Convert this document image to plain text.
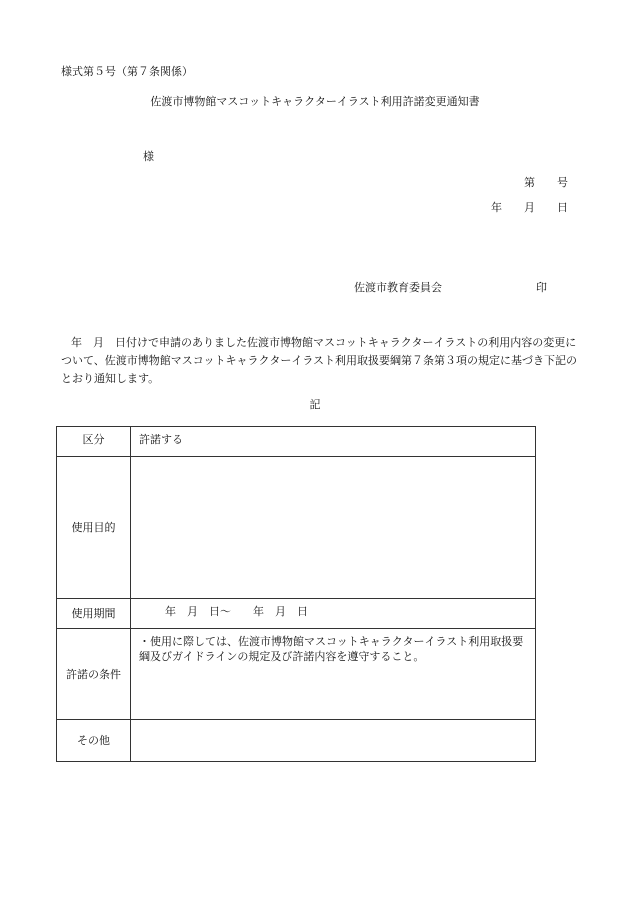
様式第５号（第７条関係）
佐渡市博物館マスコットキャラクターイラスト利用許諾変更通知書
様
第　　号
年　　月　　日
佐渡市教育委員会	印
年　月　日付けで申請のありました佐渡市博物館マスコットキャラクターイラストの利用内容の変更に
ついて、佐渡市博物館マスコットキャラクターイラスト利用取扱要綱第７条第３項の規定に基づき下記の
とおり通知します。
記
区分	許諾する

使用目的	

使用期間	年　月　日～　　年　月　日

許諾の条件	・使用に際しては、佐渡市博物館マスコットキャラクターイラスト利用取扱要綱及びガイドラインの規定及び許諾内容を遵守すること。

その他	
